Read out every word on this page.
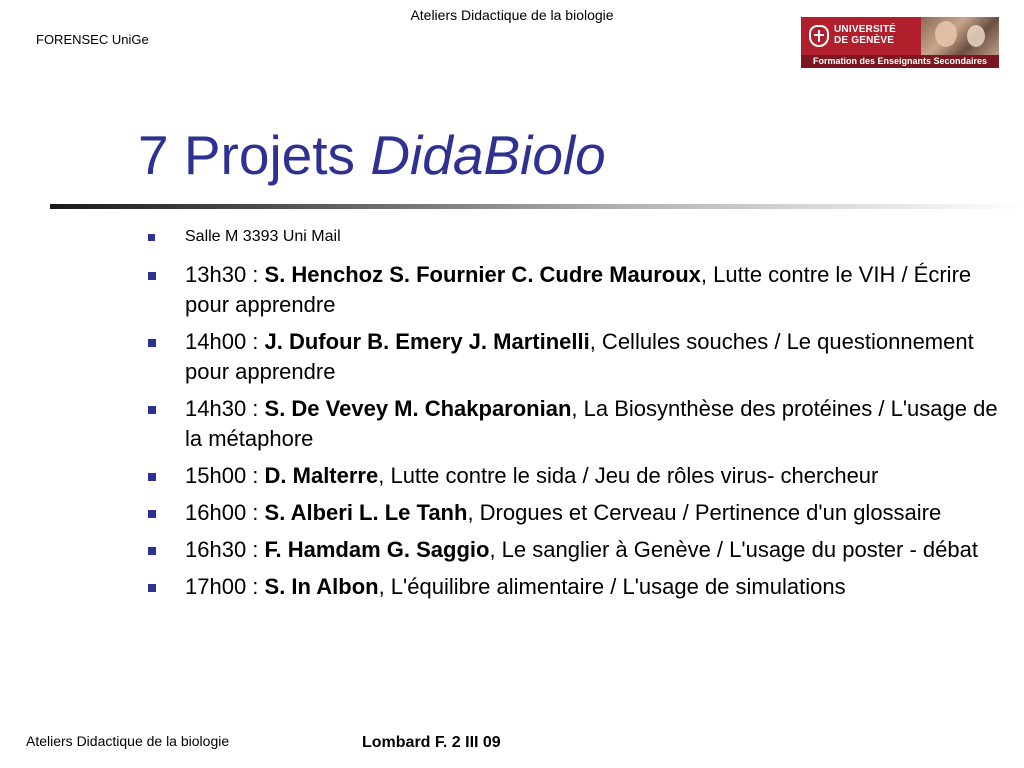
Ateliers Didactique de la biologie
FORENSEC UniGe
UNIVERSITÉ
DE GENÈVE
Formation des Enseignants Secondaires
7 Projets DidaBiolo
Salle M 3393 Uni Mail
13h30 : S. Henchoz S. Fournier C. Cudre Mauroux, Lutte contre le VIH / Écrire pour apprendre
14h00 : J. Dufour B. Emery J. Martinelli, Cellules souches / Le questionnement pour apprendre
14h30 : S. De Vevey M. Chakparonian, La Biosynthèse des protéines / L'usage de la métaphore
15h00 : D. Malterre, Lutte contre le sida / Jeu de rôles virus- chercheur
16h00 : S. Alberi L. Le Tanh, Drogues et Cerveau / Pertinence d'un glossaire
16h30 : F. Hamdam G. Saggio, Le sanglier à Genève / L'usage du poster - débat
17h00 : S. In Albon, L'équilibre alimentaire / L'usage de simulations
Ateliers Didactique de la biologie	Lombard F. 2 III 09
